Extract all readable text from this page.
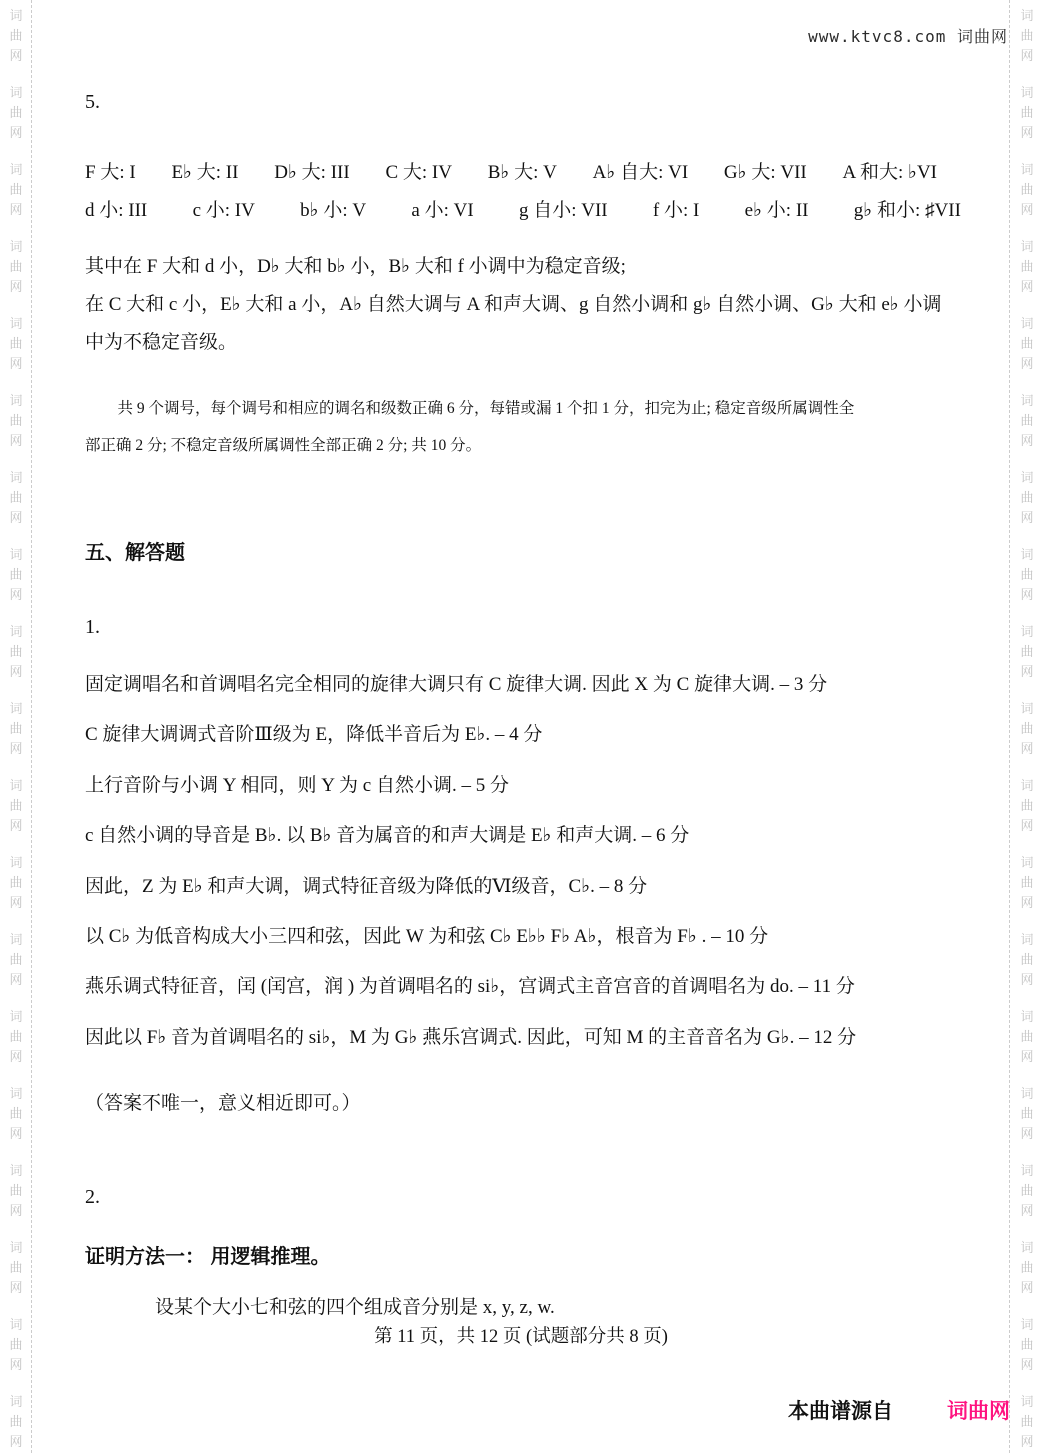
词
曲
网
词
曲
网
词
曲
网
词
曲
网
词
曲
网
词
曲
网
词
曲
网
词
曲
网
词
曲
网
词
曲
网
词
曲
网
词
曲
网
词
曲
网
词
曲
网
词
曲
网
词
曲
网
词
曲
网
词
曲
网
词
曲
网
词
曲
网
词
曲
网
词
曲
网
词
曲
网
词
曲
网
词
曲
网
词
曲
网
词
曲
网
词
曲
网
词
曲
网
词
曲
网
词
曲
网
词
曲
网
词
曲
网
词
曲
网
词
曲
网
词
曲
网
词
曲
网
词
曲
网
www.ktvc8.com 词曲网
5.
F 大: I E♭ 大: II D♭ 大: III C 大: IV B♭ 大: V A♭ 自大: VI G♭ 大: VII A 和大: ♭VI
d 小: III c 小: IV b♭ 小: V a 小: VI g 自小: VII f 小: I e♭ 小: II g♭ 和小: ♯VII
其中在 F 大和 d 小，D♭ 大和 b♭ 小，B♭ 大和 f 小调中为稳定音级;
在 C 大和 c 小，E♭ 大和 a 小，A♭ 自然大调与 A 和声大调、g 自然小调和 g♭ 自然小调、G♭ 大和 e♭ 小调
中为不稳定音级。
共 9 个调号，每个调号和相应的调名和级数正确 6 分，每错或漏 1 个扣 1 分，扣完为止; 稳定音级所属调性全
部正确 2 分; 不稳定音级所属调性全部正确 2 分; 共 10 分。
五、解答题
1.
固定调唱名和首调唱名完全相同的旋律大调只有 C 旋律大调. 因此 X 为 C 旋律大调. – 3 分
C 旋律大调调式音阶Ⅲ级为 E，降低半音后为 E♭. – 4 分
上行音阶与小调 Y 相同，则 Y 为 c 自然小调. – 5 分
c 自然小调的导音是 B♭. 以 B♭ 音为属音的和声大调是 E♭ 和声大调. – 6 分
因此，Z 为 E♭ 和声大调，调式特征音级为降低的Ⅵ级音，C♭. – 8 分
以 C♭ 为低音构成大小三四和弦，因此 W 为和弦 C♭ E♭♭ F♭ A♭，根音为 F♭ . – 10 分
燕乐调式特征音，闰 (闰宫，润 ) 为首调唱名的 si♭，宫调式主音宫音的首调唱名为 do. – 11 分
因此以 F♭ 音为首调唱名的 si♭，M 为 G♭ 燕乐宫调式. 因此，可知 M 的主音音名为 G♭. – 12 分
（答案不唯一，意义相近即可。）
2.
证明方法一： 用逻辑推理。
设某个大小七和弦的四个组成音分别是 x, y, z, w.
第 11 页，共 12 页 (试题部分共 8 页)
本曲谱源自	词曲网
